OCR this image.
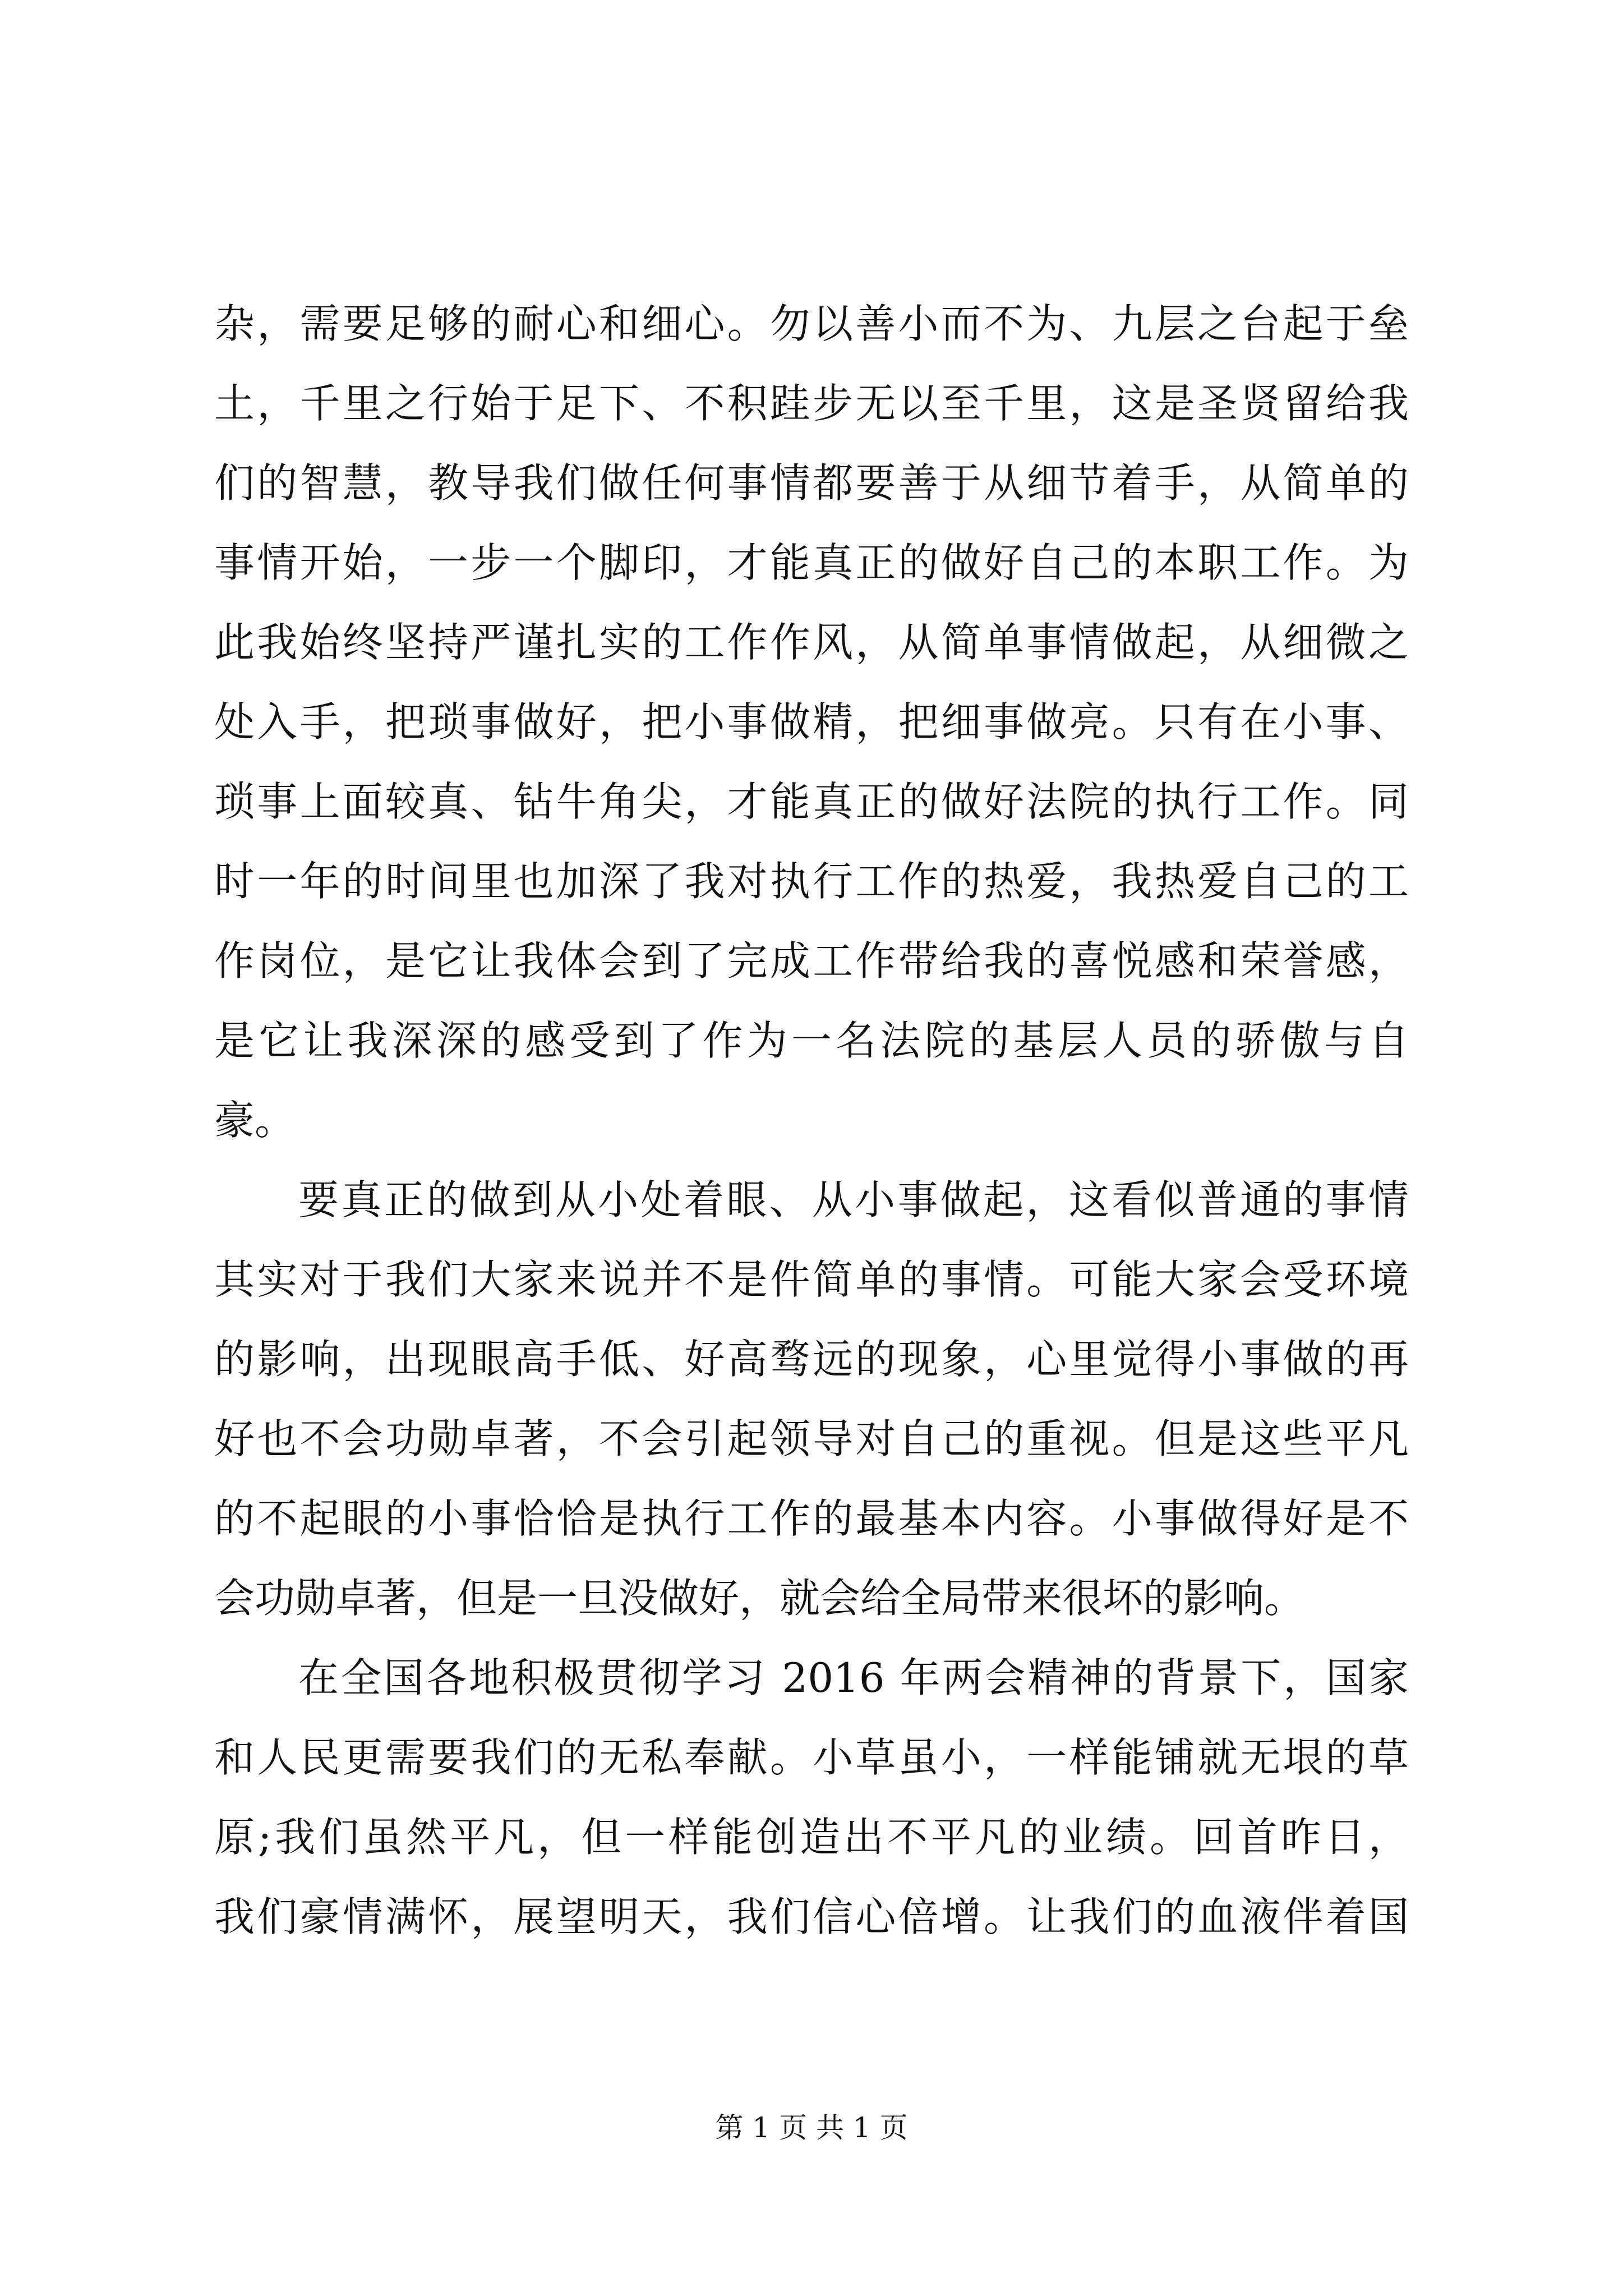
杂，需要足够的耐心和细心。勿以善小而不为、九层之台起于垒
土，千里之行始于足下、不积跬步无以至千里，这是圣贤留给我
们的智慧，教导我们做任何事情都要善于从细节着手，从简单的
事情开始，一步一个脚印，才能真正的做好自己的本职工作。为
此我始终坚持严谨扎实的工作作风，从简单事情做起，从细微之
处入手，把琐事做好，把小事做精，把细事做亮。只有在小事、
琐事上面较真、钻牛角尖，才能真正的做好法院的执行工作。同
时一年的时间里也加深了我对执行工作的热爱，我热爱自己的工
作岗位，是它让我体会到了完成工作带给我的喜悦感和荣誉感，
是它让我深深的感受到了作为一名法院的基层人员的骄傲与自
豪。
要真正的做到从小处着眼、从小事做起，这看似普通的事情
其实对于我们大家来说并不是件简单的事情。可能大家会受环境
的影响，出现眼高手低、好高骛远的现象，心里觉得小事做的再
好也不会功勋卓著，不会引起领导对自己的重视。但是这些平凡
的不起眼的小事恰恰是执行工作的最基本内容。小事做得好是不
会功勋卓著，但是一旦没做好，就会给全局带来很坏的影响。
在全国各地积极贯彻学习 2016 年两会精神的背景下，国家
和人民更需要我们的无私奉献。小草虽小，一样能铺就无垠的草
原;我们虽然平凡，但一样能创造出不平凡的业绩。回首昨日，
我们豪情满怀，展望明天，我们信心倍增。让我们的血液伴着国
第 1 页 共 1 页
